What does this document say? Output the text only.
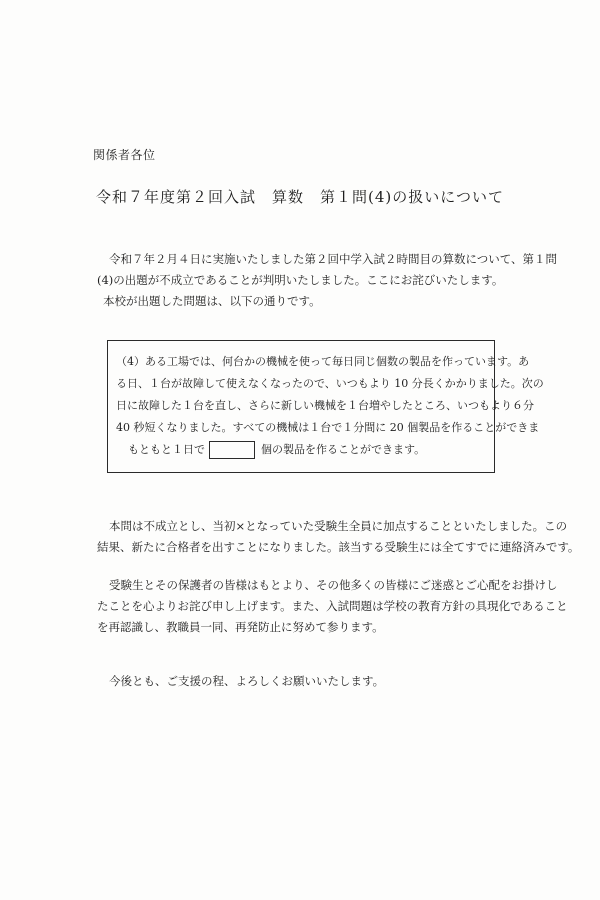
関係者各位
令和７年度第２回入試　算数　第１問(4)の扱いについて
令和７年２月４日に実施いたしました第２回中学入試２時間目の算数について、第１問
(4)の出題が不成立であることが判明いたしました。ここにお詫びいたします。
本校が出題した問題は、以下の通りです。
（4）ある工場では、何台かの機械を使って毎日同じ個数の製品を作っています。あ
る日、１台が故障して使えなくなったので、いつもより 10 分長くかかりました。次の
日に故障した１台を直し、さらに新しい機械を１台増やしたところ、いつもより６分
40 秒短くなりました。すべての機械は１台で１分間に 20 個製品を作ることができま
もともと１日で	個の製品を作ることができます。
本問は不成立とし、当初×となっていた受験生全員に加点することといたしました。この
結果、新たに合格者を出すことになりました。該当する受験生には全てすでに連絡済みです。
受験生とその保護者の皆様はもとより、その他多くの皆様にご迷惑とご心配をお掛けし
たことを心よりお詫び申し上げます。また、入試問題は学校の教育方針の具現化であること
を再認識し、教職員一同、再発防止に努めて参ります。
今後とも、ご支援の程、よろしくお願いいたします。
